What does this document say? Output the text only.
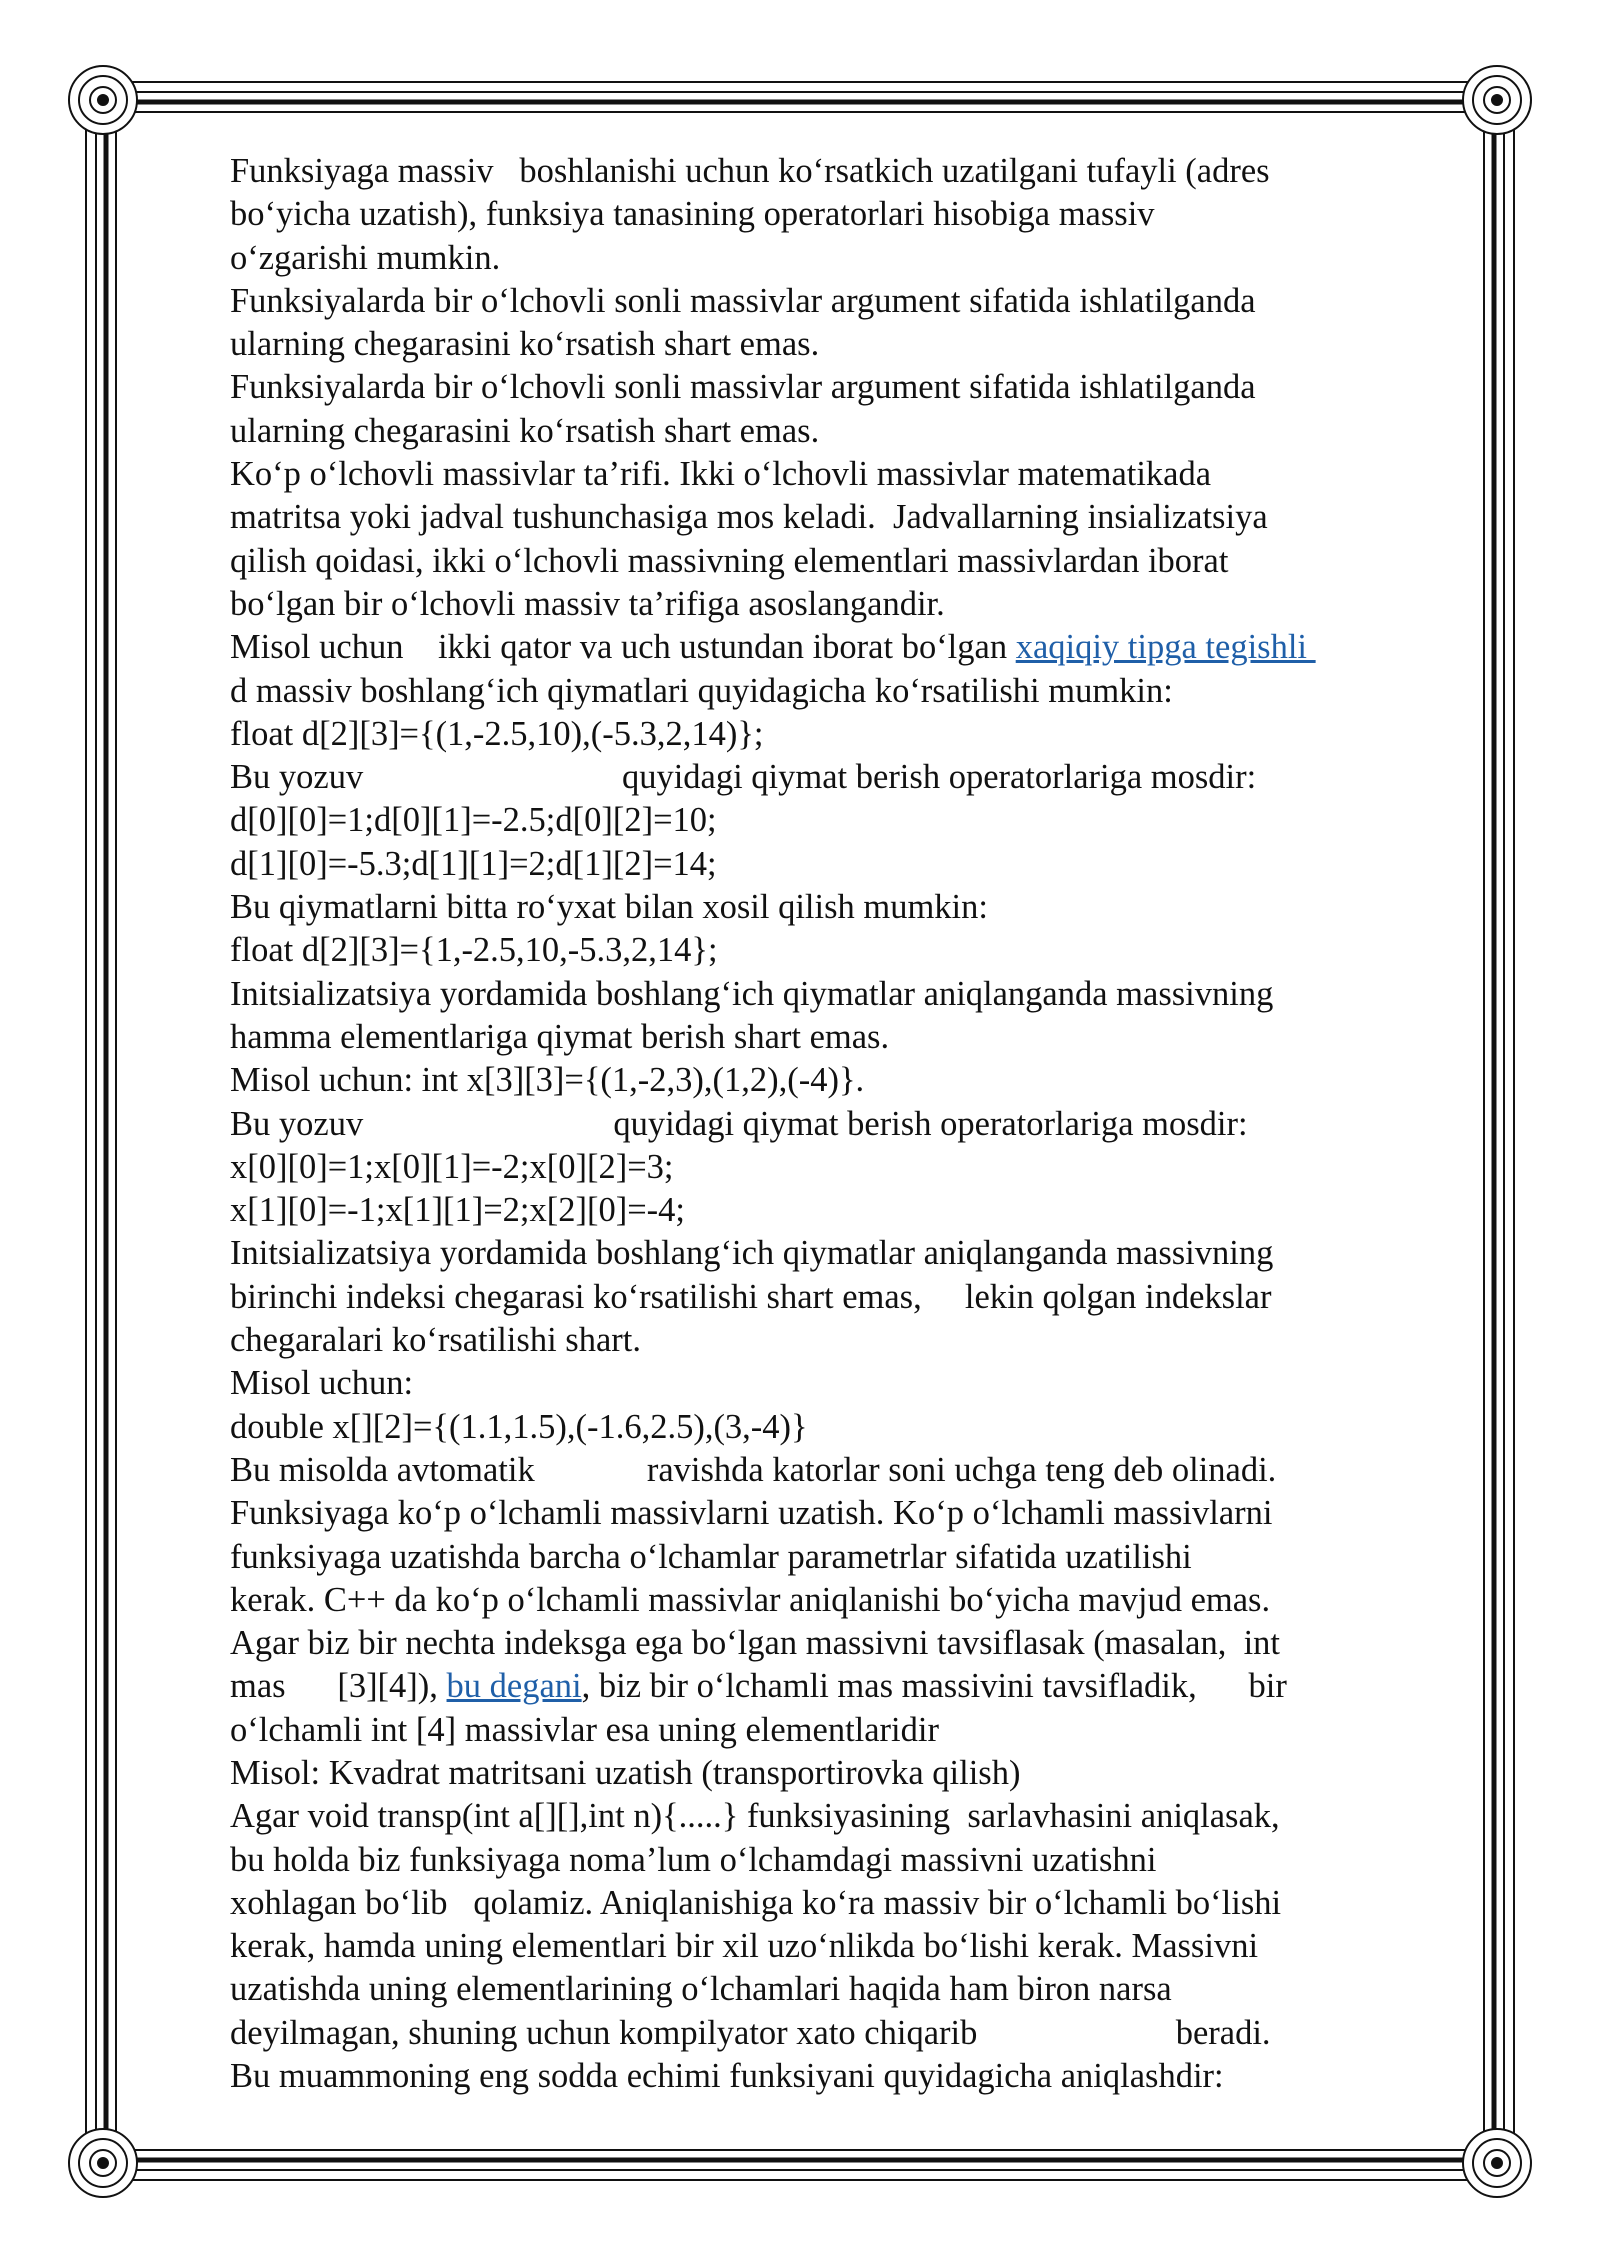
Funksiyaga massiv   boshlanishi uchun ko‘rsatkich uzatilgani tufayli (adres
bo‘yicha uzatish), funksiya tanasining operatorlari hisobiga massiv
o‘zgarishi mumkin.
Funksiyalarda bir o‘lchovli sonli massivlar argument sifatida ishlatilganda
ularning chegarasini ko‘rsatish shart emas.
Funksiyalarda bir o‘lchovli sonli massivlar argument sifatida ishlatilganda
ularning chegarasini ko‘rsatish shart emas.
Ko‘p o‘lchovli massivlar ta’rifi. Ikki o‘lchovli massivlar matematikada
matritsa yoki jadval tushunchasiga mos keladi.  Jadvallarning insializatsiya
qilish qoidasi, ikki o‘lchovli massivning elementlari massivlardan iborat
bo‘lgan bir o‘lchovli massiv ta’rifiga asoslangandir.
Misol uchun    ikki qator va uch ustundan iborat bo‘lgan xaqiqiy tipga tegishli
d massiv boshlang‘ich qiymatlari quyidagicha ko‘rsatilishi mumkin:
float d[2][3]={(1,-2.5,10),(-5.3,2,14)};
Bu yozuv                              quyidagi qiymat berish operatorlariga mosdir:
d[0][0]=1;d[0][1]=-2.5;d[0][2]=10;
d[1][0]=-5.3;d[1][1]=2;d[1][2]=14;
Bu qiymatlarni bitta ro‘yxat bilan xosil qilish mumkin:
float d[2][3]={1,-2.5,10,-5.3,2,14};
Initsializatsiya yordamida boshlang‘ich qiymatlar aniqlanganda massivning
hamma elementlariga qiymat berish shart emas.
Misol uchun: int x[3][3]={(1,-2,3),(1,2),(-4)}.
Bu yozuv                             quyidagi qiymat berish operatorlariga mosdir:
x[0][0]=1;x[0][1]=-2;x[0][2]=3;
x[1][0]=-1;x[1][1]=2;x[2][0]=-4;
Initsializatsiya yordamida boshlang‘ich qiymatlar aniqlanganda massivning
birinchi indeksi chegarasi ko‘rsatilishi shart emas,     lekin qolgan indekslar
chegaralari ko‘rsatilishi shart.
Misol uchun:
double x[][2]={(1.1,1.5),(-1.6,2.5),(3,-4)}
Bu misolda avtomatik             ravishda katorlar soni uchga teng deb olinadi.
Funksiyaga ko‘p o‘lchamli massivlarni uzatish. Ko‘p o‘lchamli massivlarni
funksiyaga uzatishda barcha o‘lchamlar parametrlar sifatida uzatilishi
kerak. C++ da ko‘p o‘lchamli massivlar aniqlanishi bo‘yicha mavjud emas.
Agar biz bir nechta indeksga ega bo‘lgan massivni tavsiflasak (masalan,  int
mas      [3][4]), bu degani, biz bir o‘lchamli mas massivini tavsifladik,      bir
o‘lchamli int [4] massivlar esa uning elementlaridir
Misol: Kvadrat matritsani uzatish (transportirovka qilish)
Agar void transp(int a[][],int n){.....} funksiyasining  sarlavhasini aniqlasak,
bu holda biz funksiyaga noma’lum o‘lchamdagi massivni uzatishni
xohlagan bo‘lib   qolamiz. Aniqlanishiga ko‘ra massiv bir o‘lchamli bo‘lishi
kerak, hamda uning elementlari bir xil uzo‘nlikda bo‘lishi kerak. Massivni
uzatishda uning elementlarining o‘lchamlari haqida ham biron narsa
deyilmagan, shuning uchun kompilyator xato chiqarib                       beradi.
Bu muammoning eng sodda echimi funksiyani quyidagicha aniqlashdir:
